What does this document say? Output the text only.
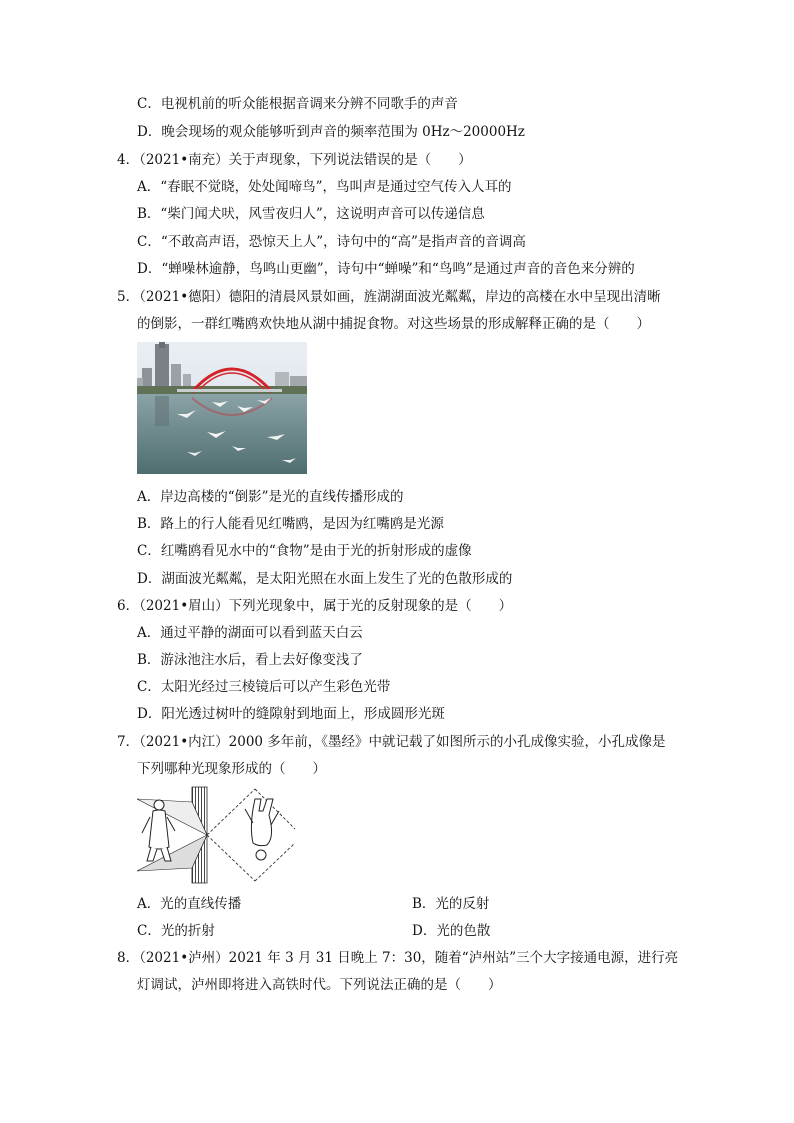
C．电视机前的听众能根据音调来分辨不同歌手的声音
D．晚会现场的观众能够听到声音的频率范围为 0Hz～20000Hz
4．（2021•南充）关于声现象，下列说法错误的是（　　）
A．“春眠不觉晓，处处闻啼鸟”，鸟叫声是通过空气传入人耳的
B．“柴门闻犬吠，风雪夜归人”，这说明声音可以传递信息
C．“不敢高声语，恐惊天上人”，诗句中的“高”是指声音的音调高
D．“蝉噪林逾静，鸟鸣山更幽”，诗句中“蝉噪”和“鸟鸣”是通过声音的音色来分辨的
5．（2021•德阳）德阳的清晨风景如画，旌湖湖面波光粼粼，岸边的高楼在水中呈现出清晰
的倒影，一群红嘴鸥欢快地从湖中捕捉食物。对这些场景的形成解释正确的是（　　）
A．岸边高楼的“倒影”是光的直线传播形成的
B．路上的行人能看见红嘴鸥，是因为红嘴鸥是光源
C．红嘴鸥看见水中的“食物”是由于光的折射形成的虚像
D．湖面波光粼粼，是太阳光照在水面上发生了光的色散形成的
6．（2021•眉山）下列光现象中，属于光的反射现象的是（　　）
A．通过平静的湖面可以看到蓝天白云
B．游泳池注水后，看上去好像变浅了
C．太阳光经过三棱镜后可以产生彩色光带
D．阳光透过树叶的缝隙射到地面上，形成圆形光斑
7．（2021•内江）2000 多年前，《墨经》中就记载了如图所示的小孔成像实验，小孔成像是
下列哪种光现象形成的（　　）
A．光的直线传播	B．光的反射
C．光的折射	D．光的色散
8．（2021•泸州）2021 年 3 月 31 日晚上 7：30，随着“泸州站”三个大字接通电源，进行亮
灯调试，泸州即将进入高铁时代。下列说法正确的是（　　）
